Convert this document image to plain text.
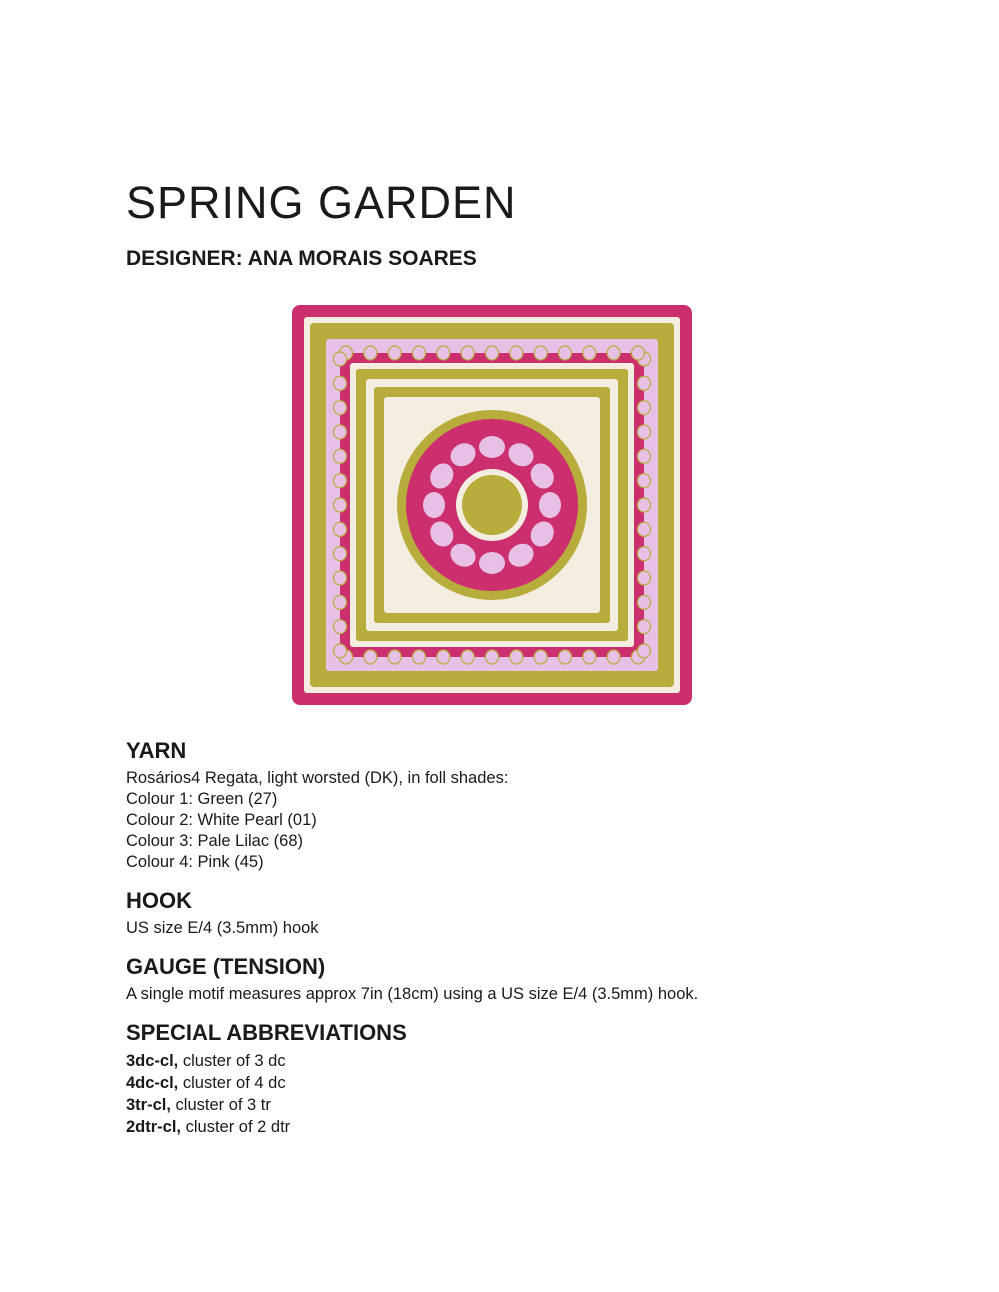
SPRING GARDEN
DESIGNER: ANA MORAIS SOARES
YARN

Rosários4 Regata, light worsted (DK), in foll shades:

Colour 1: Green (27)

Colour 2: White Pearl (01)

Colour 3: Pale Lilac (68)

Colour 4: Pink (45)

HOOK

US size E/4 (3.5mm) hook

GAUGE (TENSION)

A single motif measures approx 7in (18cm) using a US size E/4 (3.5mm) hook.

SPECIAL ABBREVIATIONS

3dc-cl, cluster of 3 dc

4dc-cl, cluster of 4 dc

3tr-cl, cluster of 3 tr

2dtr-cl, cluster of 2 dtr
